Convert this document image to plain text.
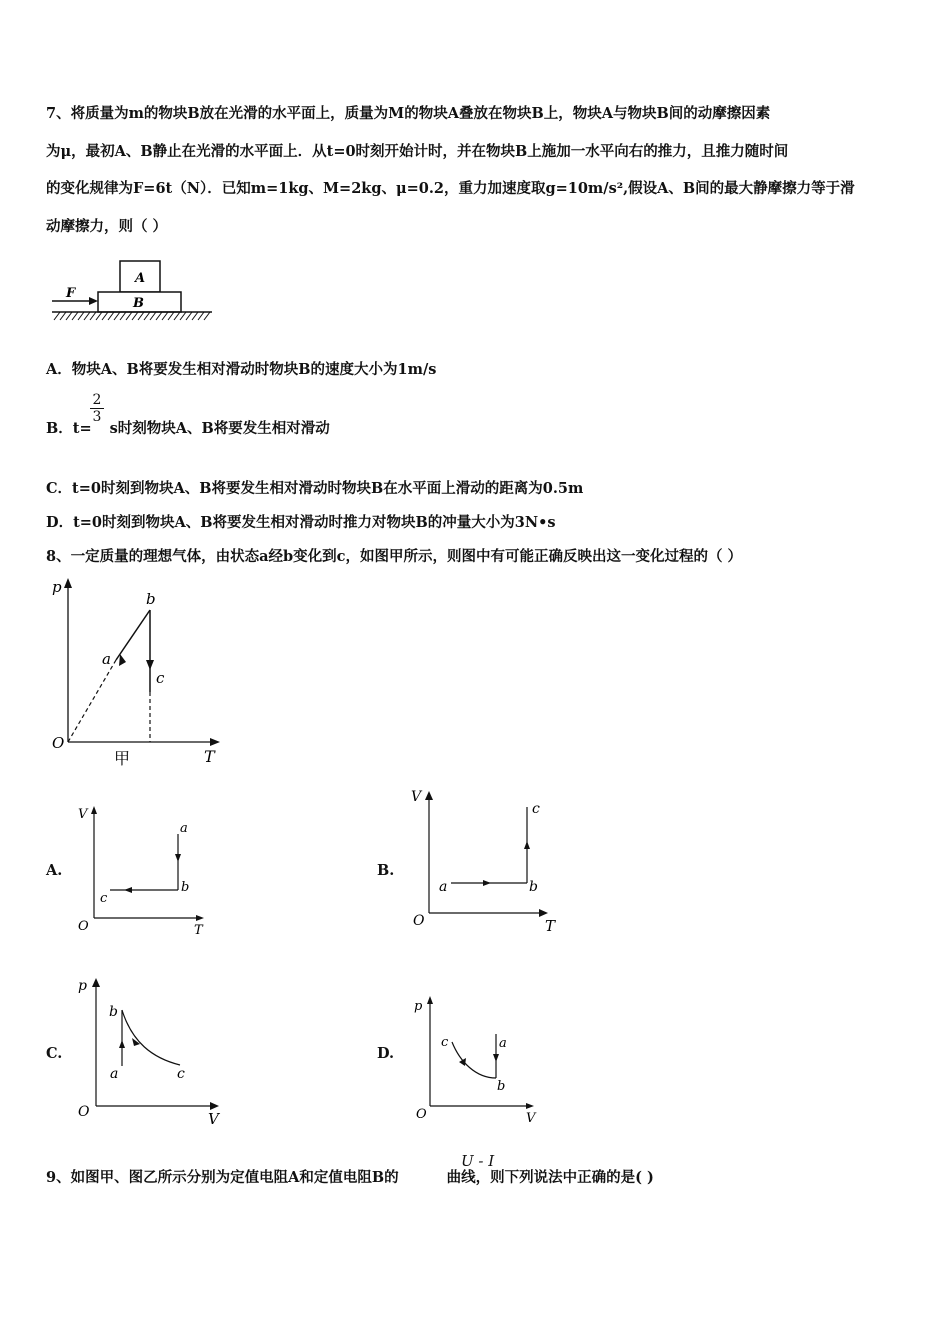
7、将质量为m的物块B放在光滑的水平面上，质量为M的物块A叠放在物块B上，物块A与物块B间的动摩擦因素
为μ，最初A、B静止在光滑的水平面上．从t=0时刻开始计时，并在物块B上施加一水平向右的推力，且推力随时间
的变化规律为F=6t（N）．已知m=1kg、M=2kg、μ=0.2，重力加速度取g=10m/s²,假设A、B间的最大静摩擦力等于滑
动摩擦力，则（ ）
A
B
F
A．物块A、B将要发生相对滑动时物块B的速度大小为1m/s
B．t= s时刻物块A、B将要发生相对滑动
$\frac{2}{3}$
C．t=0时刻到物块A、B将要发生相对滑动时物块B在水平面上滑动的距离为0.5m
D．t=0时刻到物块A、B将要发生相对滑动时推力对物块B的冲量大小为3N•s
8、一定质量的理想气体，由状态a经b变化到c，如图甲所示，则图中有可能正确反映出这一变化过程的（ ）
p
T
O
甲
a
b
c
A.
V
T
O
a
b
c
B.
V
T
O
a	b
c
C.
p
V
O
a
b
c
D.
p
V
O
a
b
c
9、如图甲、图乙所示分别为定值电阻A和定值电阻B的	曲线，则下列说法中正确的是( )
U - I
